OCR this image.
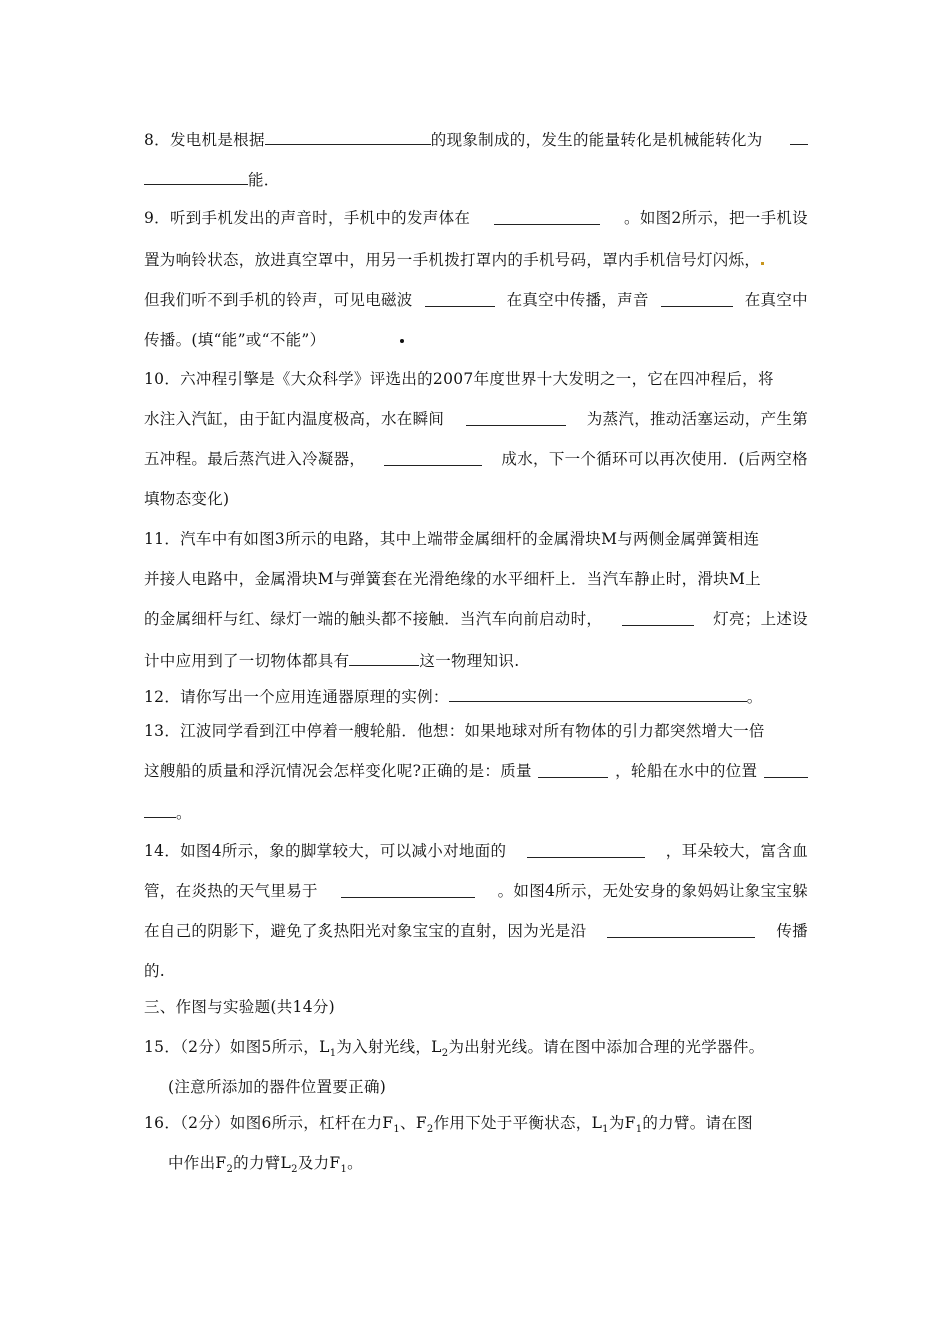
8．发电机是根据	的现象制成的，发生的能量转化是机械能转化为
能．
9．听到手机发出的声音时，手机中的发声体在	。如图2所示，把一手机设
置为响铃状态，放进真空罩中，用另一手机拨打罩内的手机号码，罩内手机信号灯闪烁，
但我们听不到手机的铃声，可见电磁波	在真空中传播，声音	在真空中
传播。(填“能”或“不能”）
10．六冲程引擎是《大众科学》评选出的2007年度世界十大发明之一，它在四冲程后，将
水注入汽缸，由于缸内温度极高，水在瞬间	为蒸汽，推动活塞运动，产生第
五冲程。最后蒸汽进入冷凝器，	成水，下一个循环可以再次使用．(后两空格
填物态变化)
11．汽车中有如图3所示的电路，其中上端带金属细杆的金属滑块M与两侧金属弹簧相连
并接人电路中，金属滑块M与弹簧套在光滑绝缘的水平细杆上．当汽车静止时，滑块M上
的金属细杆与红、绿灯一端的触头都不接触．当汽车向前启动时，	灯亮；上述设
计中应用到了一切物体都具有	这一物理知识.
12．请你写出一个应用连通器原理的实例：	。
13．江波同学看到江中停着一艘轮船．他想：如果地球对所有物体的引力都突然增大一倍
这艘船的质量和浮沉情况会怎样变化呢?正确的是：质量	，轮船在水中的位置
。
14．如图4所示，象的脚掌较大，可以减小对地面的	，耳朵较大，富含血
管，在炎热的天气里易于	。如图4所示，无处安身的象妈妈让象宝宝躲
在自己的阴影下，避免了炙热阳光对象宝宝的直射，因为光是沿	传播
的.
三、作图与实验题(共14分)
15．（2分）如图5所示，$L_1$为入射光线，$L_2$为出射光线。请在图中添加合理的光学器件。
(注意所添加的器件位置要正确)
16．（2分）如图6所示，杠杆在力$F_1$、$F_2$作用下处于平衡状态，$L_1$为$F_1$的力臂。请在图
中作出$F_2$的力臂$L_2$及力$F_1$。
